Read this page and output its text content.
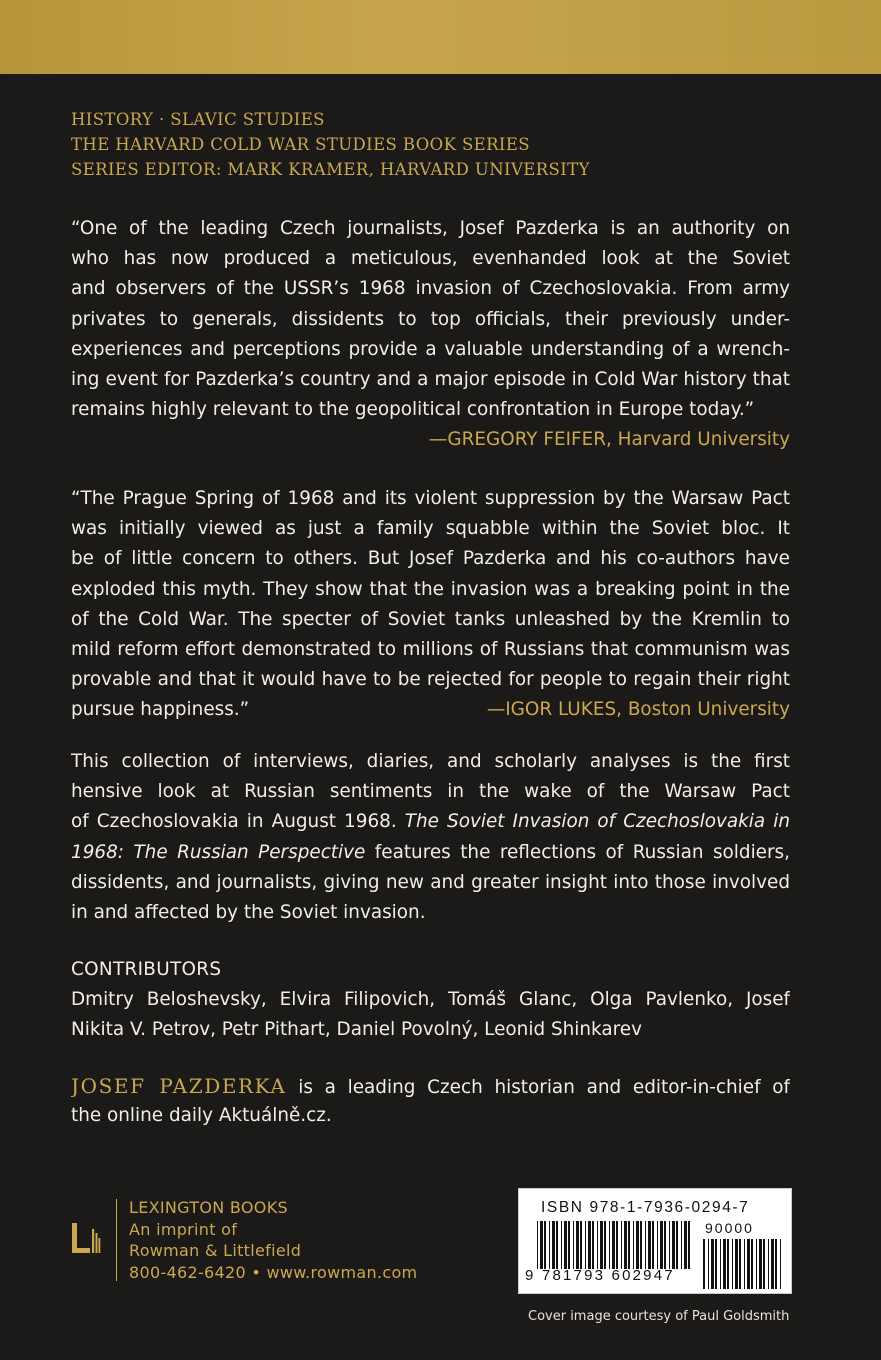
HISTORY · SLAVIC STUDIES
THE HARVARD COLD WAR STUDIES BOOK SERIES
SERIES EDITOR: MARK KRAMER, HARVARD UNIVERSITY
“One of the leading Czech journalists, Josef Pazderka is an authority on
who has now produced a meticulous, evenhanded look at the Soviet
and observers of the USSR’s 1968 invasion of Czechoslovakia. From army
privates to generals, dissidents to top officials, their previously under-
experiences and perceptions provide a valuable understanding of a wrench-
ing event for Pazderka’s country and a major episode in Cold War history that
remains highly relevant to the geopolitical confrontation in Europe today.”
—GREGORY FEIFER, Harvard University
“The Prague Spring of 1968 and its violent suppression by the Warsaw Pact
was initially viewed as just a family squabble within the Soviet bloc. It
be of little concern to others. But Josef Pazderka and his co-authors have
exploded this myth. They show that the invasion was a breaking point in the
of the Cold War. The specter of Soviet tanks unleashed by the Kremlin to
mild reform effort demonstrated to millions of Russians that communism was
provable and that it would have to be rejected for people to regain their right
pursue happiness.”	—IGOR LUKES, Boston University
This collection of interviews, diaries, and scholarly analyses is the first
hensive look at Russian sentiments in the wake of the Warsaw Pact
of Czechoslovakia in August 1968. The Soviet Invasion of Czechoslovakia in
1968: The Russian Perspective features the reflections of Russian soldiers,
dissidents, and journalists, giving new and greater insight into those involved
in and affected by the Soviet invasion.
CONTRIBUTORS
Dmitry Beloshevsky, Elvira Filipovich, Tomáš Glanc, Olga Pavlenko, Josef
Nikita V. Petrov, Petr Pithart, Daniel Povolný, Leonid Shinkarev
JOSEF PAZDERKA is a leading Czech historian and editor-in-chief of
the online daily Aktuálně.cz.
LEXINGTON BOOKS
An imprint of
Rowman & Littlefield
800-462-6420 • www.rowman.com
ISBN 978-1-7936-0294-7
90000
9 781793 602947
Cover image courtesy of Paul Goldsmith
